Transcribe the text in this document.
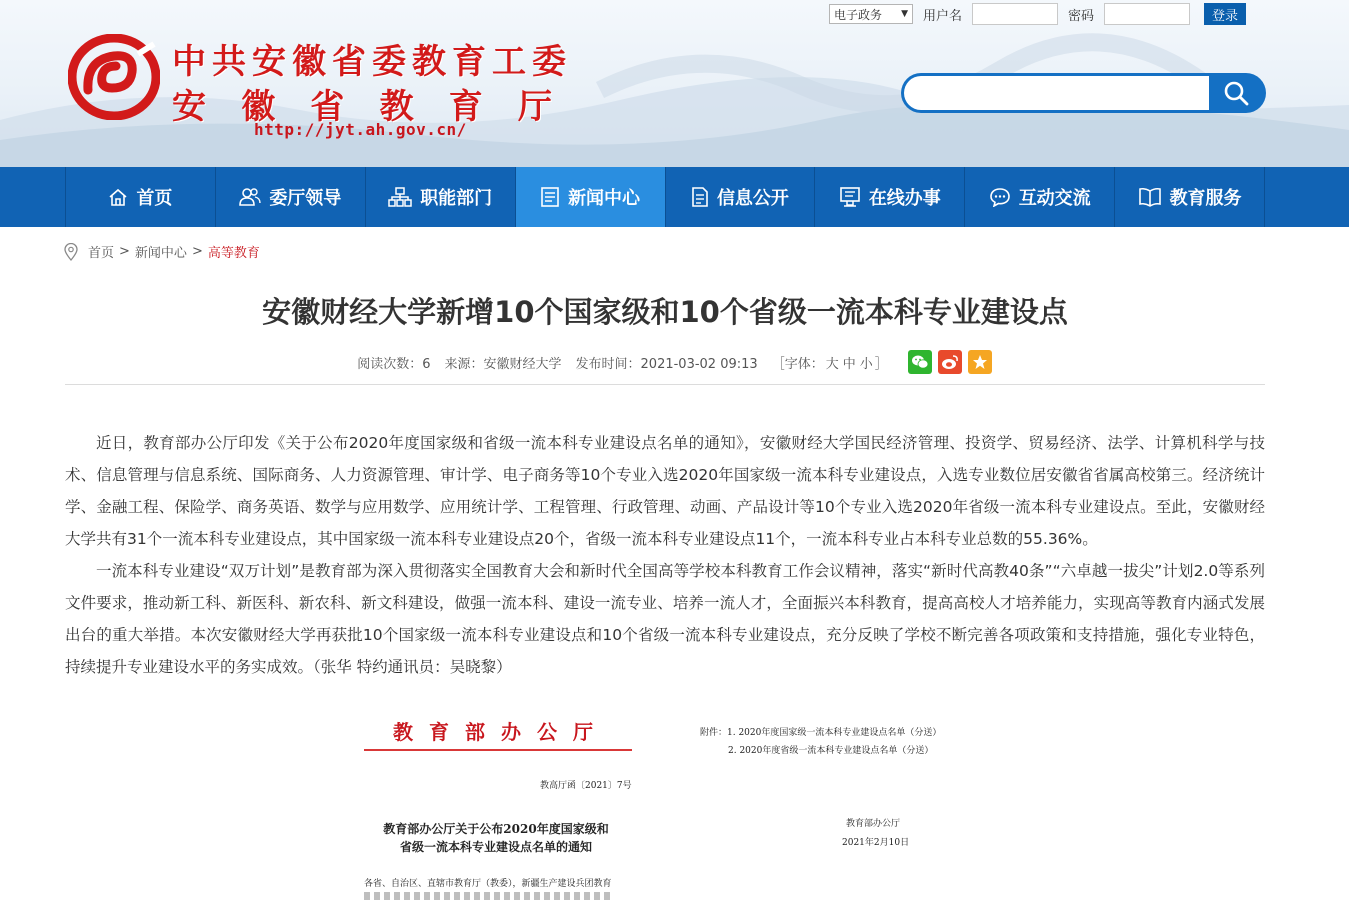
中共安徽省委教育工委
安 徽 省 教 育 厅
http://jyt.ah.gov.cn/
电子政务 ▼ 用户名	密码	登录
首页	委厅领导	职能部门	新闻中心	信息公开	在线办事	互动交流	教育服务
首页 > 新闻中心 > 高等教育
安徽财经大学新增10个国家级和10个省级一流本科专业建设点
阅读次数：6 来源：安徽财经大学 发布时间：2021-03-02 09:13 ［字体： 大 中 小 ］

近日，教育部办公厅印发《关于公布2020年度国家级和省级一流本科专业建设点名单的通知》，安徽财经大学国民经济管理、投资学、贸易经济、法学、计算机科学与技术、信息管理与信息系统、国际商务、人力资源管理、审计学、电子商务等10个专业入选2020年国家级一流本科专业建设点，入选专业数位居安徽省省属高校第三。经济统计学、金融工程、保险学、商务英语、数学与应用数学、应用统计学、工程管理、行政管理、动画、产品设计等10个专业入选2020年省级一流本科专业建设点。至此，安徽财经大学共有31个一流本科专业建设点，其中国家级一流本科专业建设点20个，省级一流本科专业建设点11个，一流本科专业占本科专业总数的55.36%。

一流本科专业建设“双万计划”是教育部为深入贯彻落实全国教育大会和新时代全国高等学校本科教育工作会议精神，落实“新时代高教40条”“六卓越一拔尖”计划2.0等系列文件要求，推动新工科、新医科、新农科、新文科建设，做强一流本科、建设一流专业、培养一流人才，全面振兴本科教育，提高高校人才培养能力，实现高等教育内涵式发展出台的重大举措。本次安徽财经大学再获批10个国家级一流本科专业建设点和10个省级一流本科专业建设点，充分反映了学校不断完善各项政策和支持措施，强化专业特色，持续提升专业建设水平的务实成效。（张华 特约通讯员：吴晓黎）

教育部办公厅
教高厅函〔2021〕7号
教育部办公厅关于公布2020年度国家级和
省级一流本科专业建设点名单的通知
各省、自治区、直辖市教育厅（教委），新疆生产建设兵团教育
附件：1. 2020年度国家级一流本科专业建设点名单（分送）
2. 2020年度省级一流本科专业建设点名单（分送）
教育部办公厅
2021年2月10日
